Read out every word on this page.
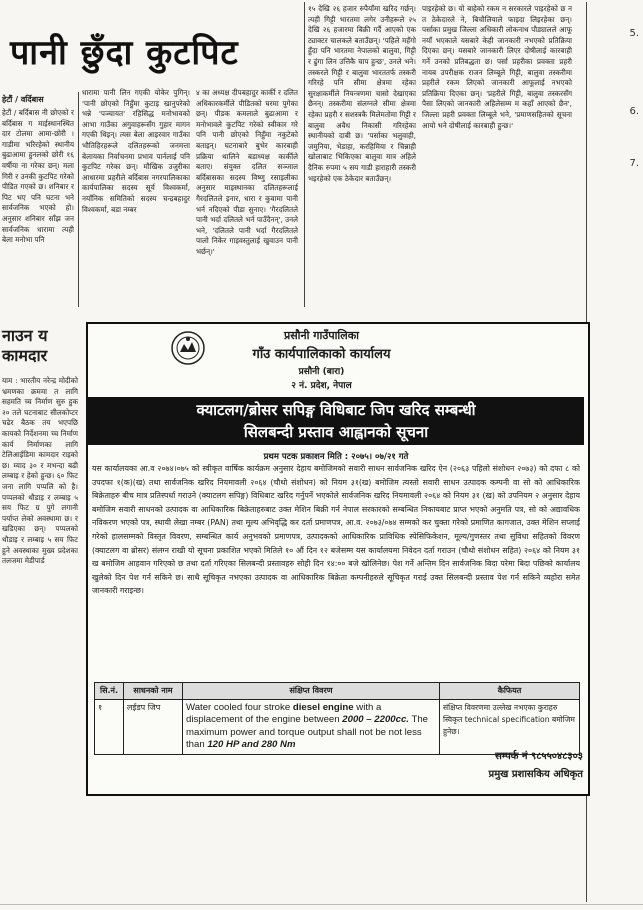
पानी छुँदा कुटपिट
हेटौं / वर्दिबास

हेटौं / बर्दिबास नी छोएको र बर्दिबास ग माईस्थानस्थित दार टोलमा आमा-छोरी । गाडीमा भरिरहेको स्थानीय बुढाआमा हुनलको छोरी १६ वर्षीया ना गरेका छन्। मला गिरी र उनकी कुटपिट गरेको पीडित गएको छ। शनिबार र पिट भए पनि घटना भने सार्वजनिक भएको हो। अनुसार शनिबार साँझ जन सार्वजनिक धारामा त्यही बेला मनोभा पनि

धारामा पानी लिन गएकी योकेर पुगिन्। 'पानी छोएको निहुँमा कुटाइ खानुपरेको भन्ने 'पञ्चायत' रहिसिद्ध मनोभावको आभा गाउँका अगुवाहरूसँग गुहार मागन गएकी थिइन्। त्यस बेला आइरवार गाउँका भौतिहिरहरूले दलितहरूको जनमत्ता बेलायका निर्वाचनमा प्रभाव पार्नलाई पनि कुटपिट गरेका छन्। मौखिक उजुरीका आधारमा प्रहरीले बर्दिबास नगरपालिकाका कार्यपालिका सदस्य सूर्य विश्वकर्मा, नयाँनिक समितिको सदस्य चन्द्रबहादुर विश्वकर्मा, बडा नम्बर

४ का अध्यक्ष दीपबहादुर कार्की र दलित अधिकारकर्मीले पीडितको घरमा पुगेका छन्। पीडक कमलाले बुढाआमा र मनोभावले कुटपिट गरेको स्वीकार गरे पनि पानी छोएको निहुँमा नकुटेको बताइन्। घटनाबारे बुभेर कारबाही प्रक्रिया थालिने बडाध्यक्ष कार्कीले बताए। संयुक्त दलित सञ्जाल बर्दिबासका सदस्य विष्णु रसाइलीका अनुसार माइस्थानका दलितहरूलाई गैरदलितले इनार, धारा र कुवामा पानी भर्न नदिएको पीडा सुनाए। 'गैरदलितले पानी भर्दा दलितले भर्न पाउँदैनन्', उनले भने, 'दलितले पानी भर्दा गैरदलितले पालो निकेर गाइवस्तुलाई खुवाउन पानी भर्छन्।'

१५ देखि २६ हजार रुपैयाँमा खरिद गर्छन्। त्यही गिट्टी भारतमा लगेर उनीहरूले २५ देखि २६ हजारमा बिक्री गर्दै आएको एक ट्याक्टर चालकले बताउँछन्। 'पहिले महँगो हुँदा पनि भारतमा नेपालको बालुवा, गिट्टी र ढुंगा लिन उत्तिकै चाप हुन्छ', उनले भने। तस्करले गिट्टी र बालुवा भारततर्फ तस्करी गरिरहे पनि सीमा क्षेत्रमा रहेका सुरक्षाकर्मीले नियन्त्रणमा चासो देखाएका छैनन्। तस्करीमा संलग्नले सीमा क्षेत्रमा रहेका प्रहरी र सशस्त्रकै मिलेमतोमा गिट्टी र बालुवा अवैध निकासी गरिरहेका स्थानीयको दाबी छ। 'पर्साका भलुवाही, जमुनिया, भेडाहा, करहिमिया र चिन्नाही खोलाबाट भिकिएका बालुवा मात्र अहिले दैनिक रुपमा ५ सय गाडी हाराहारी तस्करी भइरहेको एक ठेकेदार बताउँछन्।

पाइरहेको छ। यो बाहेको रकम न सरकारले पाइरहेको छ न त ठेकेदारले ने, बिचौलियाले फाइदा लिइरहेका छन्। पर्साका प्रमुख जिल्ला अधिकारी लोकनाथ पौड्यालले आफू नयाँ भएकाले यसबारे केही जानकारी नभएको प्रतिक्रिया दिएका छन्। यसबारे जानकारी लिएर दोषीलाई कारबाही गर्ने उनको प्रतिबद्धता छ। पर्सा प्रहरीका प्रवक्ता प्रहरी नायब उपरीक्षक राजन लिम्बूले गिट्टी, बालुवा तस्करीमा प्रहरीले रकम लिएको जानकारी आफूलाई नभएको प्रतिक्रिया दिएका छन्। 'प्रहरीले गिट्टी, बालुवा तस्करसँग पैसा लिएको जानकारी अहिलेसम्म म कहाँ आएको छैन', जिल्ला प्रहरी प्रवक्ता लिम्बूले भने, 'प्रमाणसहितको सूचना आयो भने दोषीलाई कारबाही हुन्छ।'

5.
6.
7.
नाउन य कामदार

याम : भारतीय नरेन्द्र मोदीको भ्रमणका क्रममा त लागि सहमति च्च निर्माण सुरु हुक २० तले घटनाबाट सीलकोप्टर चढेर बैठक तय भएपछि कायको निर्देशनमा च्च निर्माण कार्य निर्माणका लागि टेलिआईडिमा कामदार राइको छ। म्याद ३० र मभन्दा बढी लम्बाइ र हेको हुन्छ। ६० फिट जना लागि पप्पलि को है। पप्पलको थौडाइ र लम्बाइ ५ सय फिट ग्र पुगे लगानी पर्याप्त लेको अवस्थामा छ। र खडिएका छन्। पप्पलको थौडाइ र लम्बाइ ५ सय फिट हुने अवस्थाका मुख्य प्रदेशका तलजमा मेडीपार्ड

प्रसौनी गाउँपालिका
गाँउ कार्यपालिकाको कार्यालय
प्रसौनी (बारा)
२ नं. प्रदेश, नेपाल
क्याटलग/ब्रोसर सपिङ्ग विधिबाट जिप खरिद सम्बन्धी
सिलबन्दी प्रस्ताव आह्वानको सूचना
प्रथम पटक प्रकाशन मिति : २०७५। ०७/२१ गते
यस कार्यालयका आ.व २०७४।०७५ को स्वीकृत वार्षिक कार्यक्रम अनुसार देहाय बमोजिमको सवारी साधन सार्वजनिक खरिद ऐन (२०६३ पहिलो संशोधन २०७३) को दफा ८ को उपदफा १(क)(ख) तथा सार्वजनिक खरिद नियमावली २०६४ (चौथो संशोधन) को नियम ३१(ख) बमोजिम त्यस्तो सवारी साधन उत्पादक कम्पनी वा सो को आधिकारिक बिक्रेताहरु बीच मात्र प्रतिस्पर्धा गराउने (क्याटलग सपिङ्ग) विधिबाट खरिद गर्नुपर्ने भएकोले सार्वजनिक खरिद नियमावली २०६४ को नियम ३१ (ख) को उपनियम २ अनुसार देहाय बमोजिम सवारी साधनको उत्पादक वा आधिकारिक बिक्रेताहरुबाट उक्त मेशिन बिक्री गर्न नेपाल सरकारको सम्बन्धित निकायबाट प्राप्त भएको अनुमति पत्र, सो को अद्यावधिक नविकरण भएको पत्र, स्थायी लेखा नम्बर (PAN) तथा मूल्य अभिवृद्धि कर दर्ता प्रमाणपत्र, आ.व. २०७३/०७४ सम्मको कर चुक्ता गरेको प्रमाणित कागजात, उक्त मेशिन सप्लाई गरेको हालसम्मको विस्तृत विवरण, सम्बन्धित कार्य अनुभवको प्रमाणपत्र, उत्पादकको आधिकारिक प्राविधिक स्पेसिफिकेशन, मूल्य/गुणस्तर तथा सुविधा सहितको विवरण (क्याटलग वा ब्रोसर) संलग्न राखी यो सूचना प्रकाशित भएको मितिले १० औं दिन १२ बजेसम्म यस कार्यालयमा निवेदन दर्ता गराउन (चौथो संशोधन सहित) २०६४ को नियम ३१ ख बमोजिम आहवान गरिएको छ तथा दर्ता गरिएका सिलबन्दी प्रस्तावहरु सोही दिन १४:०० बजे खोलिनेछ। पेश गर्ने अन्तिम दिन सार्वजनिक बिदा परेमा बिदा पछिको कार्यालय खुलेको दिन पेश गर्न सकिने छ। साथै सूचिकृत नभएका उत्पादक वा आधिकारिक बिक्रेता कम्पनीहरुले सूचिकृत गराई उक्त सिलबन्दी प्रस्ताव पेश गर्न सकिने व्यहोरा समेत जानकारी गराइन्छ।
सि.नं.	साधनको नाम	संक्षिप्त विवरण	कैफियत
१	लईडप जिप	Water cooled four stroke diesel engine with a displacement of the engine between 2000 – 2200cc. The maximum power and torque output shall not be not less than 120 HP and 280 Nm	संक्षिप्त विवरणमा उल्लेख नभएका कुराहरु स्विकृत technical specification बमोजिम हुनेछ।
सम्पर्क नं ९८५५०४८३०३
प्रमुख प्रशासकिय अधिकृत
